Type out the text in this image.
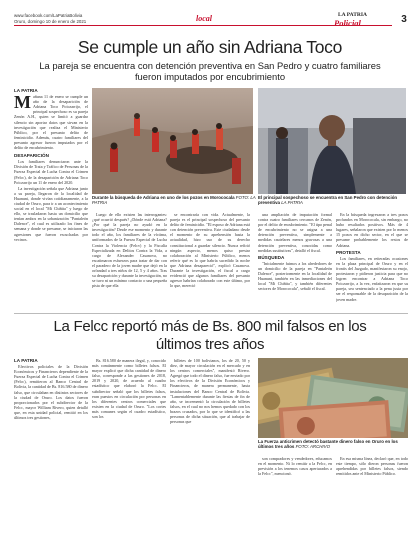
www.facebook.com/LaPatriaBolivia
Oruro, domingo 10 de enero de 2021	local	LA PATRIA
Policial	3
Se cumple un año sin Adriana Toco
La pareja se encuentra con detención preventiva en San Pedro y cuatro familiares fueron imputados por encubrimiento
LA PATRIA
M añana 11 de enero se cumple un año de la desaparición de Adriana Toco Poiczarrijo, el principal sospechoso es su pareja Zenón A.H., quien se limitó a guardar silencio sin aportar datos que sirvan en la investigación que realiza el Ministerio Público, por el presunto delito de feminicidio. Además, cuatro familiares del presunto agresor fueron imputados por el delito de encubrimiento.
DESAPARICIÓN

Los familiares denunciaron ante la División de Trata y Tráfico de Personas de la Fuerza Especial de Lucha Contra el Crimen (Felcc), de la desaparición de Adriana Toco Poiczarrijo un 11 de enero del 2020.

La investigación señala que Adriana junto a su pareja, llegaron de la localidad de Huanuni, donde vivían cotidianamente, a la ciudad de Oruro, para ir a un acontecimiento social en el local "Mi Chiñita" y luego de ello, se trasladaron hasta un domicilio que tenían ambos en la urbanización "Pantaleón Dalence", el cual es utilizado los fines de semana y donde se presume, se iniciaron las agresiones que fueron escuchadas por vecinos.

Durante la búsqueda de Adriana en uno de los pozos en Morococala FOTO: LA PATRIA
El principal sospechoso se encuentra en San Pedro con detención preventiva LA PATRIA
Luego de ello existen las interrogantes: ¿qué ocurrió después? ¿Dónde está Adriana? ¿Por qué la pareja no ayudó en la investigación? Desde ese momento y durante todo el año, los familiares de la víctima, uniformados de la Fuerza Especial de Lucha Contra la Violencia (Felcv) y la Fiscalía Especializada en Delitos Contra la Vida, a cargo de Alexander Casanova, no escatimaron esfuerzos para tratar de dar con el paradero de la joven madre que dejó en la orfandad a tres niños de 12, 5 y 4 años. Tras su desaparición y durante la investigación, no se tuvo ni un mínimo contacto o una pequeña pista de que ella
se encontraría con vida. Actualmente, la pareja es el principal sospechoso del presunto delito de feminicidio. "El esposo de Adriana está con detención preventiva. Este ciudadano desde el momento de su aprehensión hasta la actualidad, hizo uso de su derecho constitucional a guardar silencio. Nunca refirió ningún aspecto, menos quiso prestar colaboración al Ministerio Público, menos referir qué es lo que habría sucedido la noche que Adriana desapareció", explicó Casanova. Durante la investigación, el fiscal a cargo evidenció que algunos familiares del presunto agresor habrían colaborado con este último, por lo que, mereció

una ampliación de imputación formal contra cuatro familiares cercanos de Zenón, por el delito de encubrimiento. "El tipo penal de encubrimiento no se asigna a una detención preventiva, simplemente a medidas cautelares menos gravosas a una detención preventiva, conocidas como medidas sustitutivas", detalló el fiscal.

BÚSQUEDA

"Inicialmente fuimos a los alrededores de un domicilio de la pareja en "Pantaleón Dalence", posteriormente en la localidad de Huanuni, también en las inmediaciones del local "Mi Chiñita", y también diferentes sectores de Morococala", señaló el fiscal.

En la búsqueda ingresaron a tres pozos profundos en Morococala, sin embargo, no hubo resultados positivos. Más de 4 lugares, señalaron que existen por lo menos 15 pozos en dicho sector, en el que se presume probablemente los restos de Adriana.

PROTESTA

Los familiares, en reiteradas ocasiones en la plaza principal de Oruro y en el frontis del Juzgado, manifestaron su enojo, protestaron y pidieron justicia para que no logren encontrar a Adriana Toco Poiczarrijo, a la vez, enfatizaron en que su pareja, sea sentenciado a la pena justa por ser el responsable de la desaparición de la joven madre.

La Felcc reportó más de Bs. 800 mil falsos en los últimos tres años
LA PATRIA

Efectivos policiales de la División Económicos y Financieros dependiente de la Fuerza Especial de Lucha Contra el Crimen (Felcc), remitieron al Banco Central de Bolivia, la cantidad de Bs. 816.580 de dinero falso, que circulaban en distintos sectores de la ciudad de Oruro. Los datos fueron proporcionados por el subdirector de la Felcc, mayor William Rivero, quien detalló que, en esta unidad policial, remitió en los últimos tres gestiones,

Bs. 816.580 de manera ilegal, y, conocido más comúnmente como billetes falsos. El mayor explicó que dicha cantidad de dinero falso, corresponde a las gestiones de 2018, 2019 y 2020, de acuerdo al cuadro estadístico que elaboró la Felcc. El subdirector señaló que los billetes falsos, eran puestos en circulación por personas en los diferentes centros comerciales que existen en la ciudad de Oruro. "Los cortes más comunes según el cuadro estadístico, son los
billetes de 100 bolivianos, los de 20, 50 y diez, de mayor circulación en el mercado y en los centros comerciales", manifestó Rivero. Agregó que todo el dinero falso, fue enviado por los efectivos de la División Económicos y Financieros, de manera permanente, hasta instalaciones del Banco Central de Bolivia. "Lamentablemente durante las fiestas de fin de año, se incrementó la circulación de billetes falsos, en el cual no nos hemos quedado con los brazos cruzados, por lo que se identificó a las personas de dicha situación, que al trabajar de personas que
La Fuerza anticrimen detectó bastante dinero falso en Oruro en los últimos tres años FOTO: ARCHIVO
son compradores y vendedores, educamos en el momento. Ni lo remitir a la Felcc, en previsión a los tenemos casos aperturados a la Felcc", mencionó.
En esa misma línea, declaró que, en todo este tiempo, sólo dieron personas fueron aprehendidas por billetes falsos, siendo remitidos ante el Ministerio Público.
